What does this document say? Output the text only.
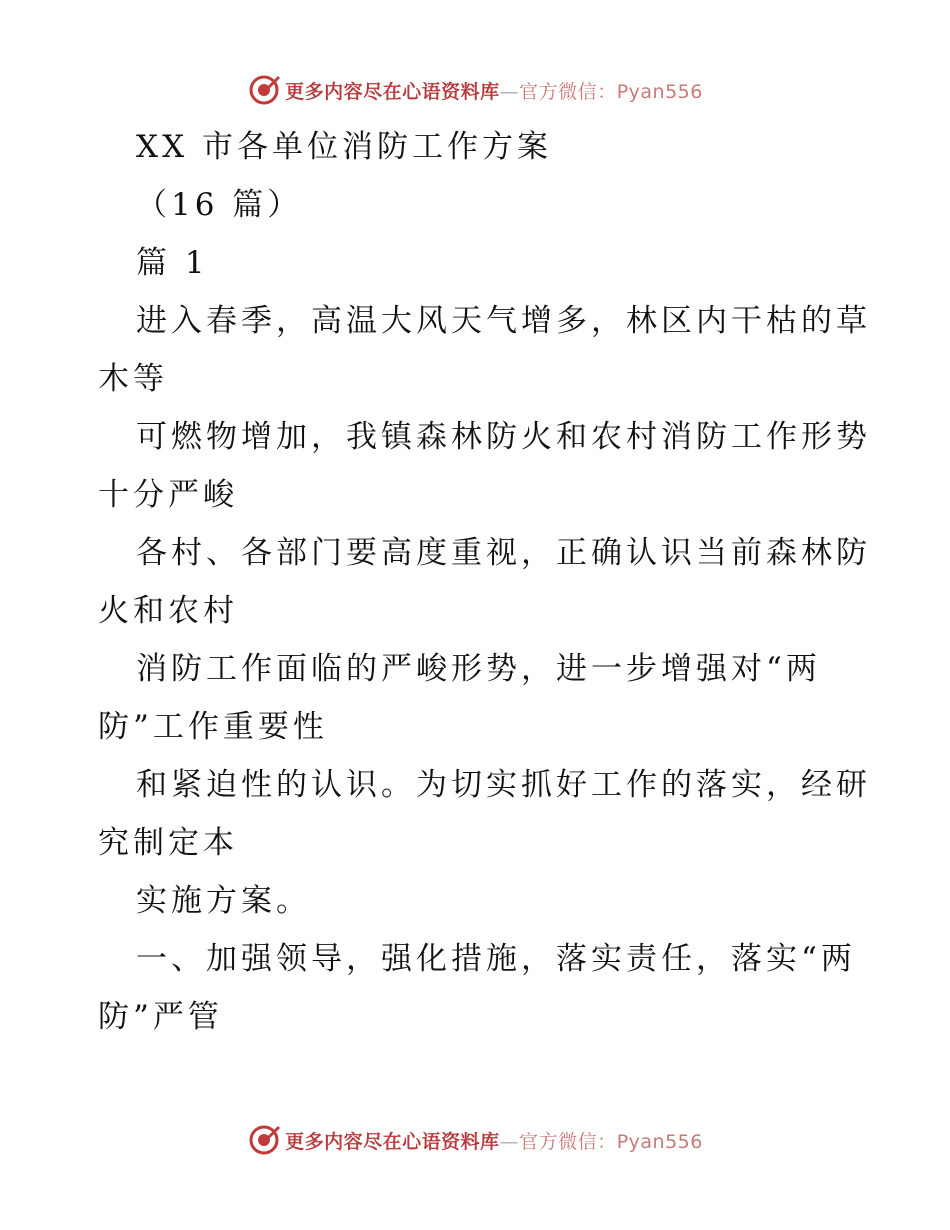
更多内容尽在心语资料库—官方微信：Pyan556
XX 市各单位消防工作方案
（16 篇）
篇 1
进入春季，高温大风天气增多，林区内干枯的草
木等
可燃物增加，我镇森林防火和农村消防工作形势
十分严峻
各村、各部门要高度重视，正确认识当前森林防
火和农村
消防工作面临的严峻形势，进一步增强对“两
防”工作重要性
和紧迫性的认识。为切实抓好工作的落实，经研
究制定本
实施方案。
一、加强领导，强化措施，落实责任，落实“两
防”严管
更多内容尽在心语资料库—官方微信：Pyan556
